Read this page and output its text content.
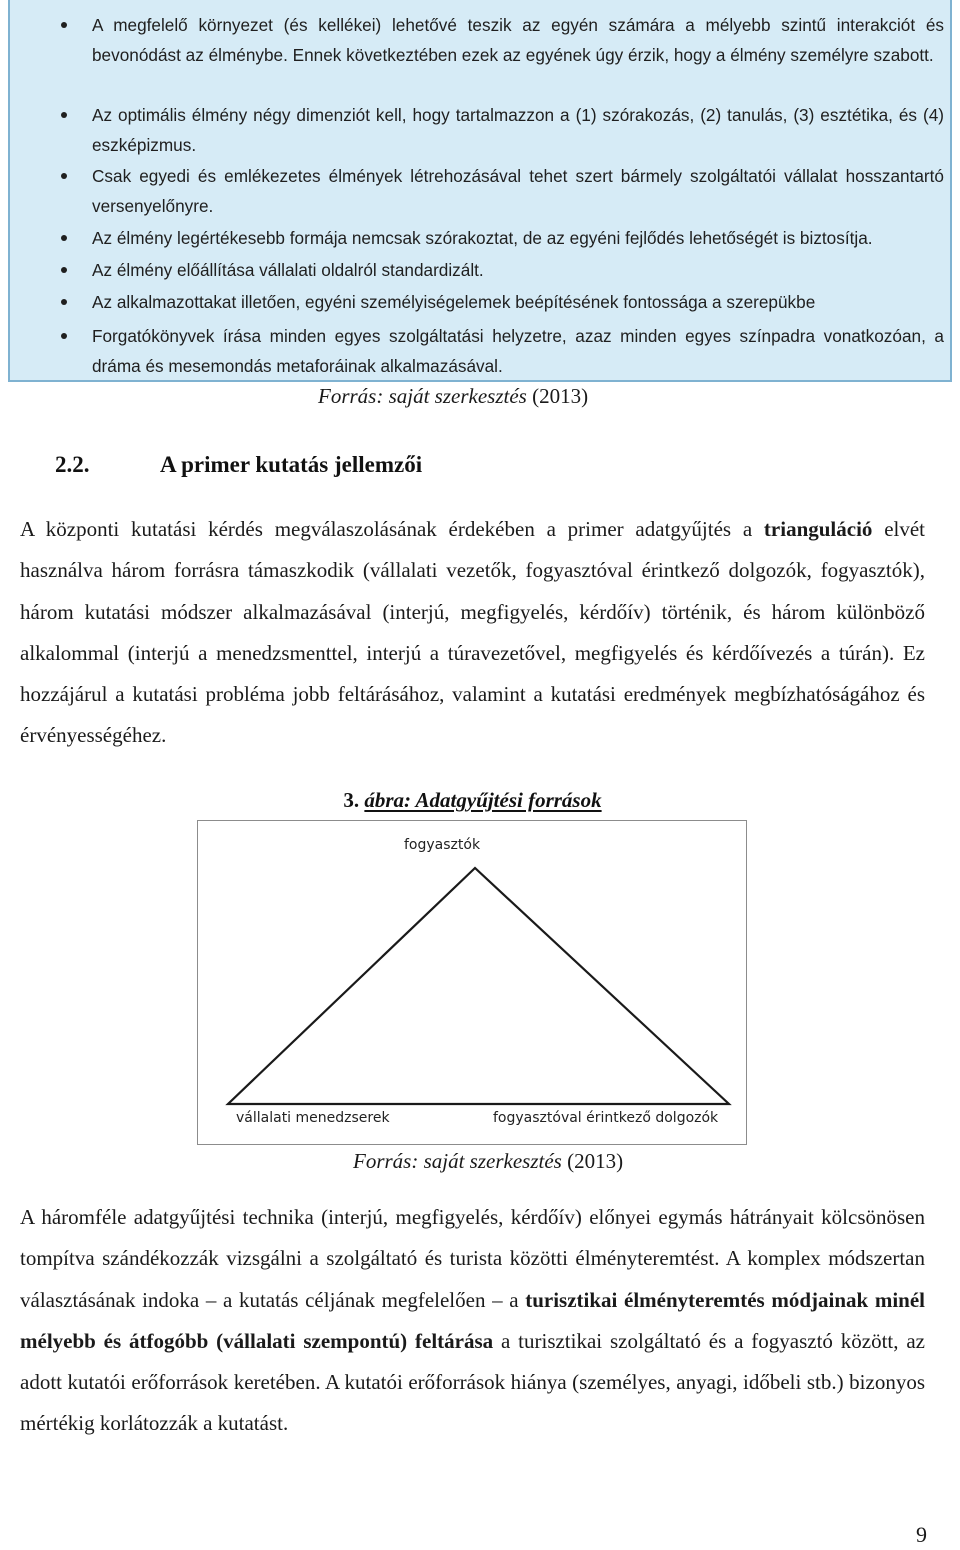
A megfelelő környezet (és kellékei) lehetővé teszik az egyén számára a mélyebb szintű interakciót és bevonódást az élménybe. Ennek következtében ezek az egyének úgy érzik, hogy a élmény személyre szabott.
Az optimális élmény négy dimenziót kell, hogy tartalmazzon a (1) szórakozás, (2) tanulás, (3) esztétika, és (4) eszképizmus.
Csak egyedi és emlékezetes élmények létrehozásával tehet szert bármely szolgáltatói vállalat hosszantartó versenyelőnyre.
Az élmény legértékesebb formája nemcsak szórakoztat, de az egyéni fejlődés lehetőségét is biztosítja.
Az élmény előállítása vállalati oldalról standardizált.
Az alkalmazottakat illetően, egyéni személyiségelemek beépítésének fontossága a szerepükbe
Forgatókönyvek írása minden egyes szolgáltatási helyzetre, azaz minden egyes színpadra vonatkozóan, a dráma és mesemondás metaforáinak alkalmazásával.
Forrás: saját szerkesztés (2013)
2.2.	A primer kutatás jellemzői
A központi kutatási kérdés megválaszolásának érdekében a primer adatgyűjtés a trianguláció elvét használva három forrásra támaszkodik (vállalati vezetők, fogyasztóval érintkező dolgozók, fogyasztók), három kutatási módszer alkalmazásával (interjú, megfigyelés, kérdőív) történik, és három különböző alkalommal (interjú a menedzsmenttel, interjú a túravezetővel, megfigyelés és kérdőívezés a túrán). Ez hozzájárul a kutatási probléma jobb feltárásához, valamint a kutatási eredmények megbízhatóságához és érvényességéhez.
3. ábra: Adatgyűjtési források
fogyasztók
vállalati menedzserek	fogyasztóval érintkező dolgozók
Forrás: saját szerkesztés (2013)
A háromféle adatgyűjtési technika (interjú, megfigyelés, kérdőív) előnyei egymás hátrányait kölcsönösen tompítva szándékozzák vizsgálni a szolgáltató és turista közötti élményteremtést. A komplex módszertan választásának indoka – a kutatás céljának megfelelően – a turisztikai élményteremtés módjainak minél mélyebb és átfogóbb (vállalati szempontú) feltárása a turisztikai szolgáltató és a fogyasztó között, az adott kutatói erőforrások keretében. A kutatói erőforrások hiánya (személyes, anyagi, időbeli stb.) bizonyos mértékig korlátozzák a kutatást.
9
